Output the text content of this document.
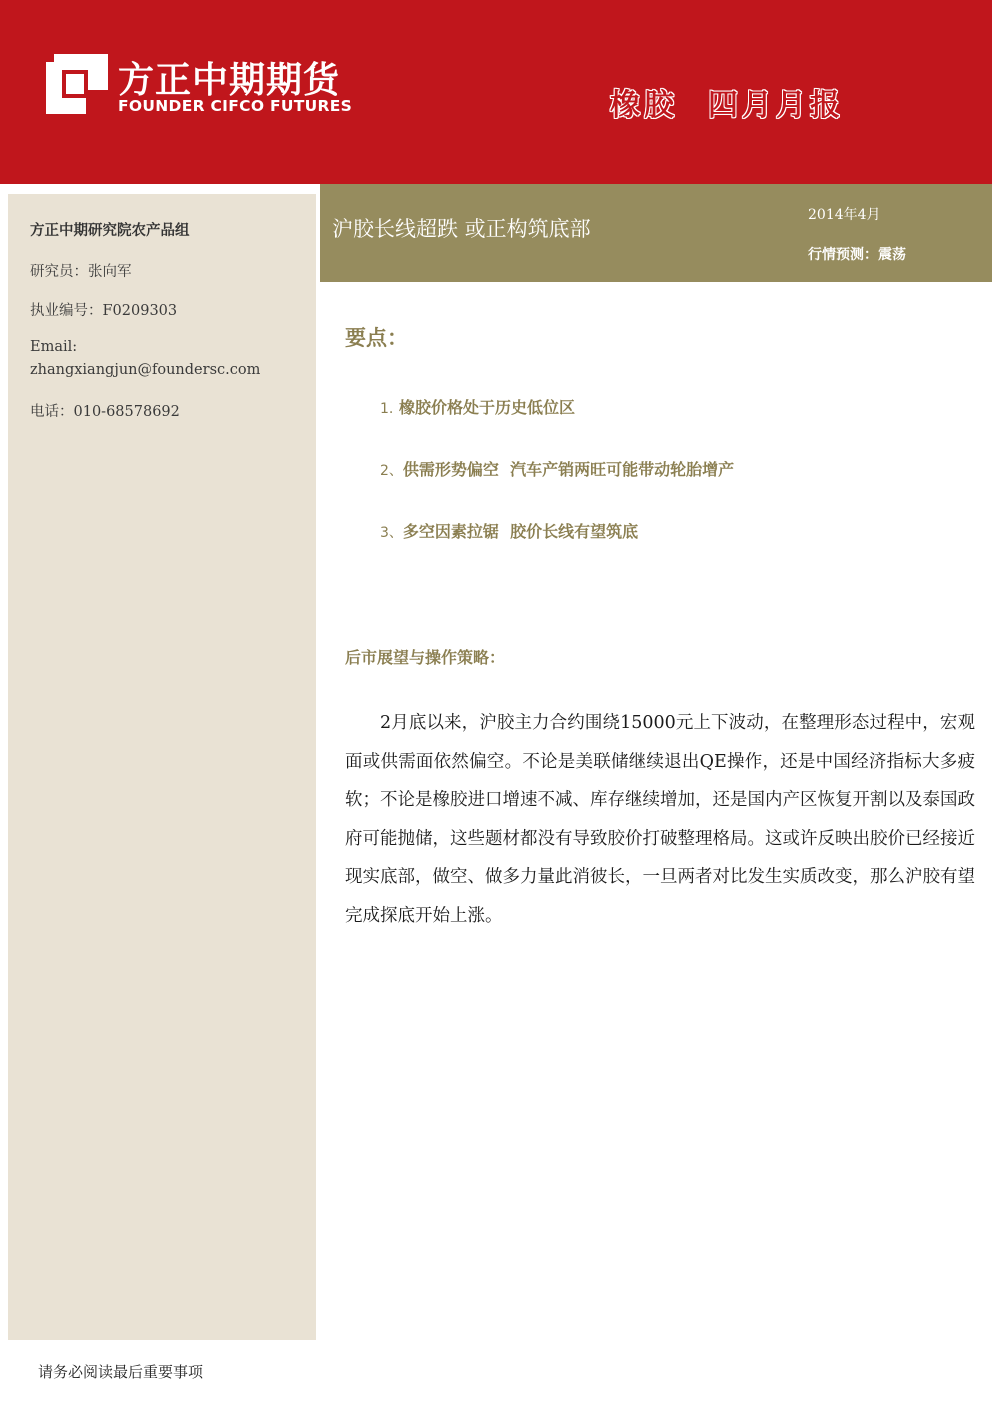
方正中期期货
FOUNDER CIFCO FUTURES	橡胶 四月月报
方正中期研究院农产品组
研究员：张向军
执业编号：F0209303
Email:
zhangxiangjun@foundersc.com
电话：010-68578692
沪胶长线超跌 或正构筑底部
2014年4月
行情预测：震荡
要点：
1. 橡胶价格处于历史低位区
2、供需形势偏空  汽车产销两旺可能带动轮胎增产
3、多空因素拉锯  胶价长线有望筑底
后市展望与操作策略：
2月底以来，沪胶主力合约围绕15000元上下波动，在整理形态过程中，宏观面或供需面依然偏空。不论是美联储继续退出QE操作，还是中国经济指标大多疲软；不论是橡胶进口增速不减、库存继续增加，还是国内产区恢复开割以及泰国政府可能抛储，这些题材都没有导致胶价打破整理格局。这或许反映出胶价已经接近现实底部，做空、做多力量此消彼长，一旦两者对比发生实质改变，那么沪胶有望完成探底开始上涨。
请务必阅读最后重要事项
